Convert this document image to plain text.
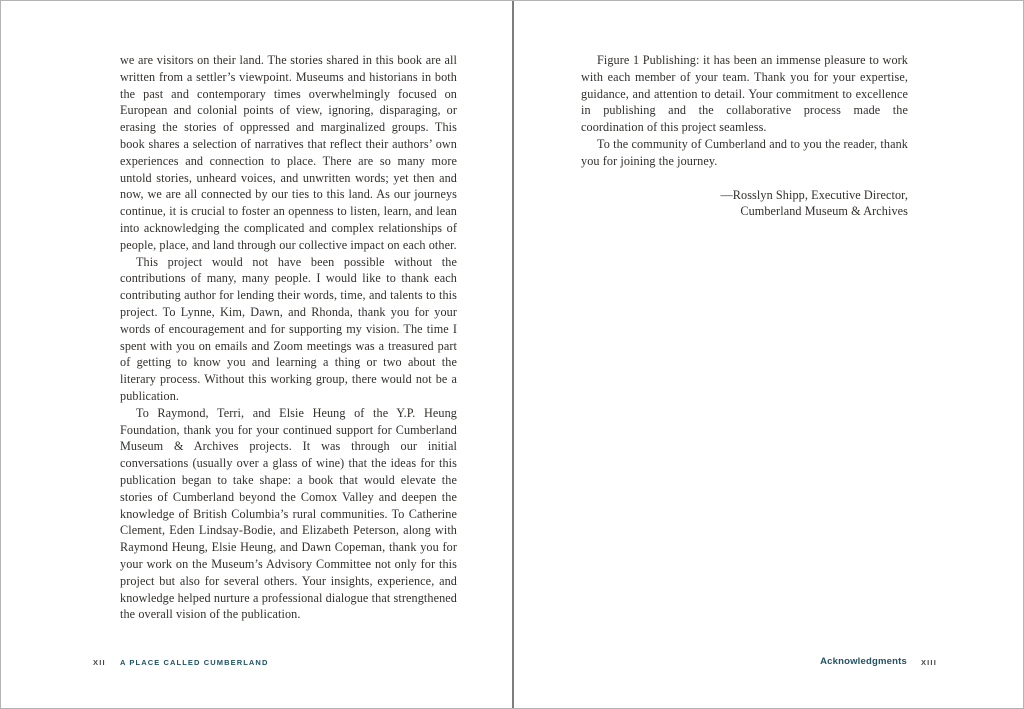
we are visitors on their land. The stories shared in this book are all written from a settler’s viewpoint. Museums and historians in both the past and contemporary times overwhelmingly focused on European and colonial points of view, ignoring, disparaging, or erasing the stories of oppressed and marginalized groups. This book shares a selection of narratives that reflect their authors’ own experiences and connection to place. There are so many more untold stories, unheard voices, and unwritten words; yet then and now, we are all connected by our ties to this land. As our journeys continue, it is crucial to foster an openness to listen, learn, and lean into acknowledging the complicated and complex relationships of people, place, and land through our collective impact on each other.

This project would not have been possible without the contributions of many, many people. I would like to thank each contributing author for lending their words, time, and talents to this project. To Lynne, Kim, Dawn, and Rhonda, thank you for your words of encouragement and for supporting my vision. The time I spent with you on emails and Zoom meetings was a treasured part of getting to know you and learning a thing or two about the literary process. Without this working group, there would not be a publication.

To Raymond, Terri, and Elsie Heung of the Y.P. Heung Foundation, thank you for your continued support for Cumberland Museum & Archives projects. It was through our initial conversations (usually over a glass of wine) that the ideas for this publication began to take shape: a book that would elevate the stories of Cumberland beyond the Comox Valley and deepen the knowledge of British Columbia’s rural communities. To Catherine Clement, Eden Lindsay-Bodie, and Elizabeth Peterson, along with Raymond Heung, Elsie Heung, and Dawn Copeman, thank you for your work on the Museum’s Advisory Committee not only for this project but also for several others. Your insights, experience, and knowledge helped nurture a professional dialogue that strengthened the overall vision of the publication.

XII A PLACE CALLED CUMBERLAND

Figure 1 Publishing: it has been an immense pleasure to work with each member of your team. Thank you for your expertise, guidance, and attention to detail. Your commitment to excellence in publishing and the collaborative process made the coordination of this project seamless.

To the community of Cumberland and to you the reader, thank you for joining the journey.

—Rosslyn Shipp, Executive Director,
Cumberland Museum & Archives
Acknowledgments XIII
